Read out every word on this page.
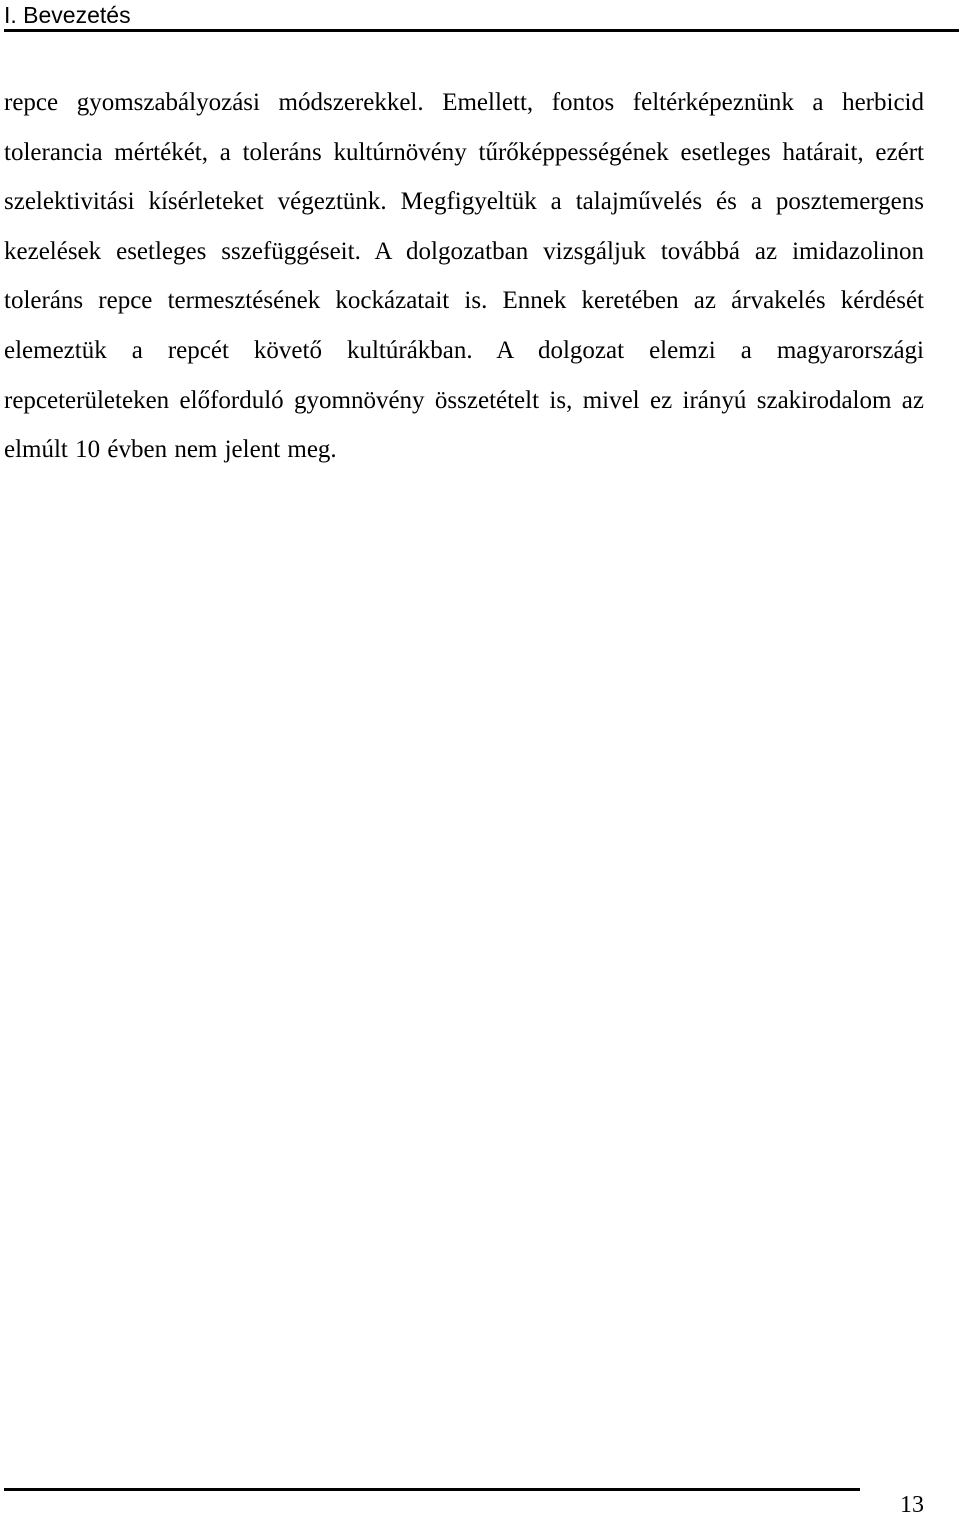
I. Bevezetés
repce gyomszabályozási módszerekkel. Emellett, fontos feltérképeznünk a herbicid tolerancia mértékét, a toleráns kultúrnövény tűrőképpességének esetleges határait, ezért szelektivitási kísérleteket végeztünk. Megfigyeltük a talajművelés és a posztemergens kezelések esetleges sszefüggéseit. A dolgozatban vizsgáljuk továbbá az imidazolinon toleráns repce termesztésének kockázatait is. Ennek keretében az árvakelés kérdését elemeztük a repcét követő kultúrákban. A dolgozat elemzi a magyarországi repceterületeken előforduló gyomnövény összetételt is, mivel ez irányú szakirodalom az elmúlt 10 évben nem jelent meg.
13
